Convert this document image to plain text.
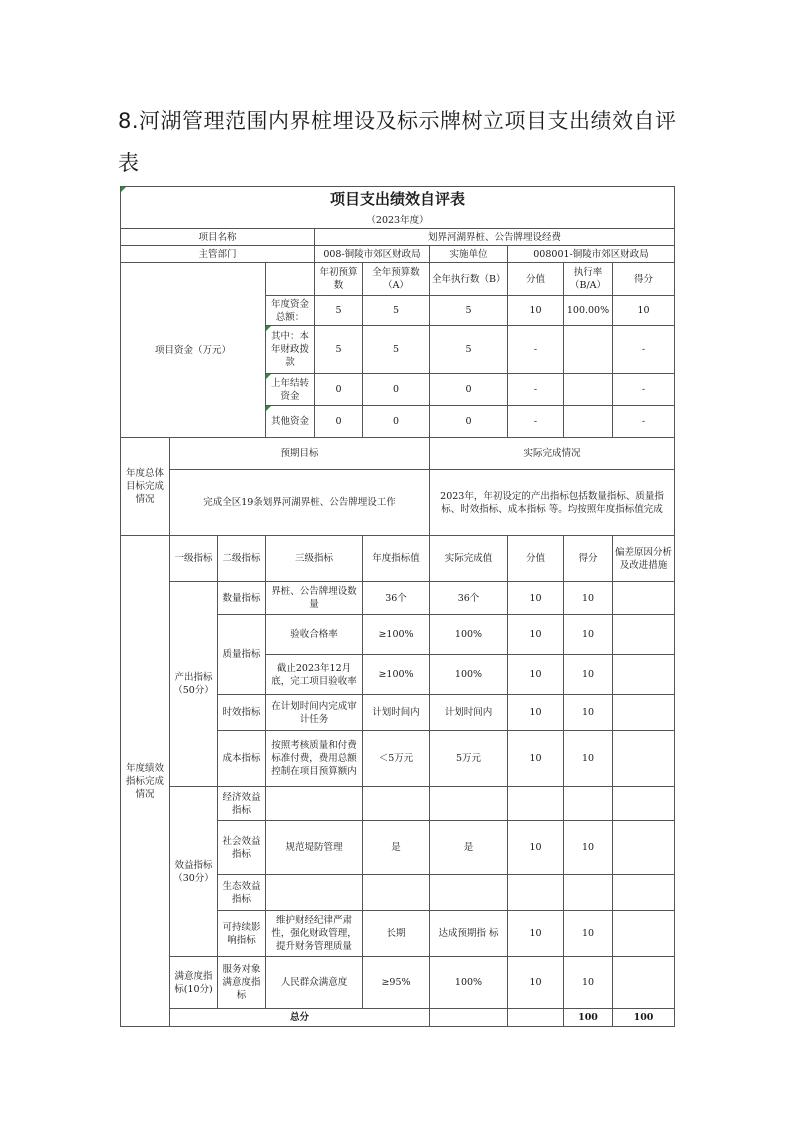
8.河湖管理范围内界桩埋设及标示牌树立项目支出绩效自评表
项目支出绩效自评表										
（2023年度）										
项目名称				划界河湖界桩、公告牌埋设经费						
主管部门				008-铜陵市郊区财政局		实施单位	008001-铜陵市郊区财政局			
项目资金（万元）				年初预算数	全年预算数（A）	全年执行数（B）	分值	执行率（B/A）	得分	
			年度资金总额：	5	5	5	10	100.00%	10	
			其中：本年财政拨款	5	5	5	-		-	
			上年结转资金	0	0	0	-		-	
			其他资金	0	0	0	-		-	
年度总体目标完成情况	预期目标					实际完成情况				
	完成全区19条划界河湖界桩、公告牌埋设工作					2023年，年初设定的产出指标包括数量指标、质量指标、时效指标、成本指标 等。均按照年度指标值完成				
年度绩效指标完成情况	一级指标	二级指标	三级指标		年度指标值	实际完成值	分值	得分	偏差原因分析及改进措施	
	产出指标（50分）	数量指标	界桩、公告牌埋设数量		36个	36个	10	10		
		质量指标	验收合格率		≥100%	100%	10	10		
			截止2023年12月底，完工项目验收率		≥100%	100%	10	10		
		时效指标	在计划时间内完成审计任务		计划时间内	计划时间内	10	10		
		成本指标	按照考核质量和付费标准付费，费用总额控制在项目预算额内		＜5万元	5万元	10	10		
	效益指标（30分）	经济效益指标								
		社会效益指标	规范堤防管理		是	是	10	10		
		生态效益指标								
		可持续影响指标	维护财经纪律严肃性，强化财政管理，提升财务管理质量		长期	达成预期指 标	10	10		
	满意度指标(10分)	服务对象满意度指标	人民群众满意度		≥95%	100%	10	10		
	总分							100	100	
